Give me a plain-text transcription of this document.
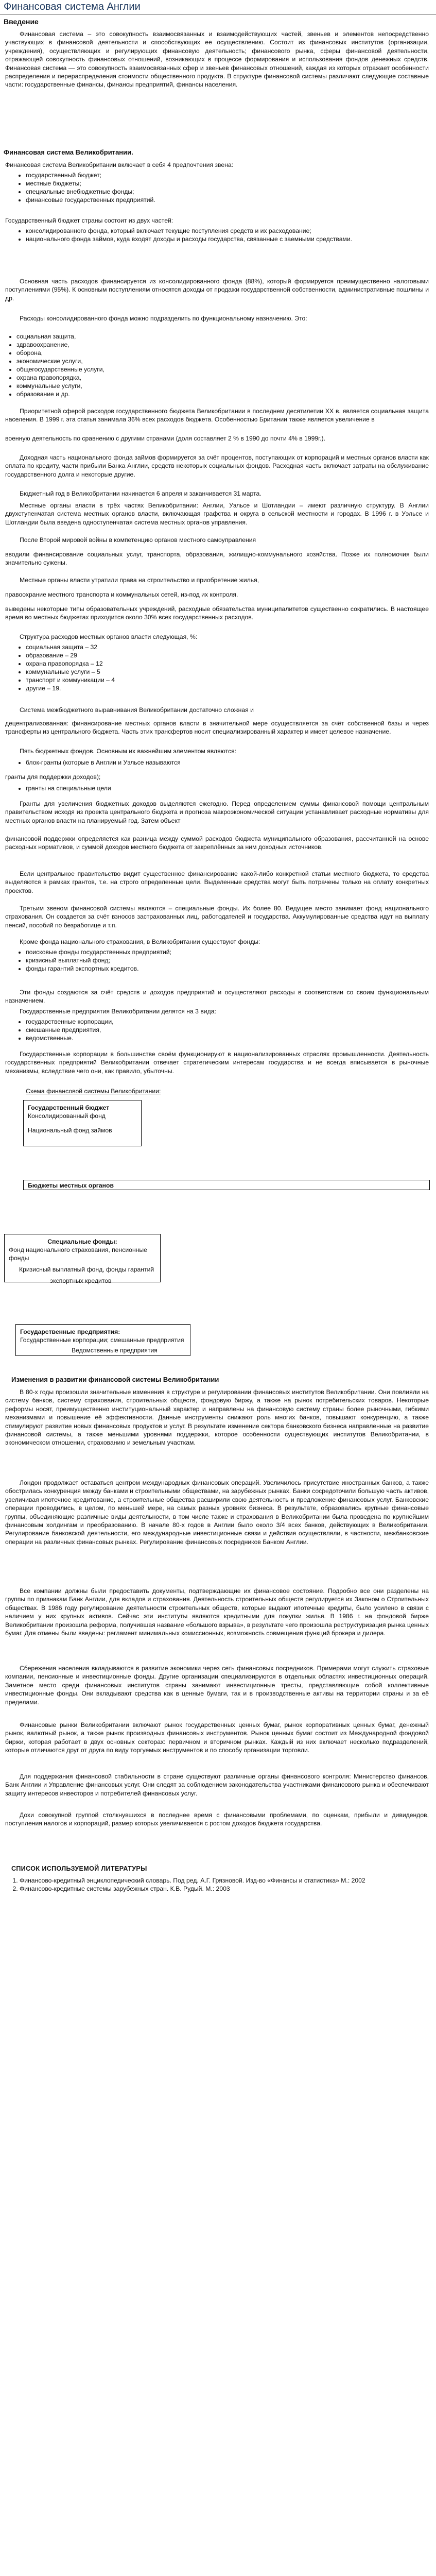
Финансовая система Англии
Введение

Финансовая система – это совокупность взаимосвязанных и взаимодействующих частей, звеньев и элементов непосредственно участвующих в финансовой деятельности и способствующих ее осуществлению. Состоит из финансовых институтов (организации, учреждения), осуществляющих и регулирующих финансовую деятельность; финансового рынка, сферы финансовой деятельности, отражающей совокупность финансовых отношений, возникающих в процессе формирования и использования фондов денежных средств. Финансовая система — это совокупность взаимосвязанных сфер и звеньев финансовых отношений, каждая из которых отражает особенности распределения и перераспределения стоимости общественного продукта. В структуре финансовой системы различают следующие составные части: государственные финансы, финансы предприятий, финансы населения.

Финансовая система Великобритании.

Финансовая система Великобритании включает в себя 4 предпочтения звена:

• государственный бюджет;
• местные бюджеты;
• специальные внебюджетные фонды;
• финансовые государственных предприятий.

Государственный бюджет страны состоит из двух частей:

• консолидированного фонда, который включает текущие поступления средств и их расходование;
• национального фонда займов, куда входят доходы и расходы государства, связанные с заемными средствами.

Основная часть расходов финансируется из консолидированного фонда (88%), который формируется преимущественно налоговыми поступлениями (95%). К основным поступлениям относятся доходы от продажи государственной собственности, административные пошлины и др.

Расходы консолидированного фонда можно подразделить по функциональному назначению. Это:

• социальная защита,
• здравоохранение,
• оборона,
• экономические услуги,
• общегосударственные услуги,
• охрана правопорядка,
• коммунальные услуги,
• образование и др.

Приоритетной сферой расходов государственного бюджета Великобритании в последнем десятилетии XX в. является социальная защита населения. В 1999 г. эта статья занимала 36% всех расходов бюджета. Особенностью Британии также является увеличение в

военную деятельность по сравнению с другими странами (доля составляет 2 % в 1990 до почти 4% в 1999г.).

Доходная часть национального фонда займов формируется за счёт процентов, поступающих от корпораций и местных органов власти как оплата по кредиту, части прибыли Банка Англии, средств некоторых социальных фондов. Расходная часть включает затраты на обслуживание государственного долга и некоторые другие.

Бюджетный год в Великобритании начинается 6 апреля и заканчивается 31 марта.

Местные органы власти в трёх частях Великобритании: Англии, Уэльсе и Шотландии – имеют различную структуру. В Англии двухступенчатая система местных органов власти, включающая графства и округа в сельской местности и городах. В 1996 г. в Уэльсе и Шотландии была введена одноступенчатая система местных органов управления.

После Второй мировой войны в компетенцию органов местного самоуправления

вводили финансирование социальных услуг, транспорта, образования, жилищно-коммунального хозяйства. Позже их полномочия были значительно сужены.

Местные органы власти утратили права на строительство и приобретение жилья,

правоохрание местного транспорта и коммунальных сетей, из-под их контроля.

выведены некоторые типы образовательных учреждений, расходные обязательства муниципалитетов существенно сократились. В настоящее время во местных бюджетах приходится около 30% всех государственных расходов.

Структура расходов местных органов власти следующая, %:

• социальная защита – 32
• образование – 29
• охрана правопорядка – 12
• коммунальные услуги – 5
• транспорт и коммуникации – 4
• другие – 19.

Система межбюджетного выравнивания Великобритании достаточно сложная и

децентрализованная: финансирование местных органов власти в значительной мере осуществляется за счёт собственной базы и через трансферты из центрального бюджета. Часть этих трансфертов носит специализированный характер и имеет целевое назначение.

Пять бюджетных фондов. Основным их важнейшим элементом являются:

• блок-гранты (которые в Англии и Уэльсе называются

гранты для поддержки доходов);

• гранты на специальные цели

Гранты для увеличения бюджетных доходов выделяются ежегодно. Перед определением суммы финансовой помощи центральным правительством исходя из проекта центрального бюджета и прогноза макроэкономической ситуации устанавливает расходные нормативы для местных органов власти на планируемый год. Затем объект

финансовой поддержки определяется как разница между суммой расходов бюджета муниципального образования, рассчитанной на основе расходных нормативов, и суммой доходов местного бюджета от закреплённых за ним доходных источников.

Если центральное правительство видит существенное финансирование какой-либо конкретной статьи местного бюджета, то средства выделяются в рамках грантов, т.е. на строго определенные цели. Выделенные средства могут быть потрачены только на оплату конкретных проектов.

Третьим звеном финансовой системы являются – специальные фонды. Их более 80. Ведущее место занимает фонд национального страхования. Он создается за счёт взносов застрахованных лиц, работодателей и государства. Аккумулированные средства идут на выплату пенсий, пособий по безработице и т.п.

Кроме фонда национального страхования, в Великобритании существуют фонды:

• поисковые фонды государственных предприятий;
• кризисный выплатный фонд;
• фонды гарантий экспортных кредитов.

Эти фонды создаются за счёт средств и доходов предприятий и осуществляют расходы в соответствии со своим функциональным назначением.

Государственные предприятия Великобритании делятся на 3 вида:

• государственные корпорации,
• смешанные предприятия,
• ведомственные.

Государственные корпорации в большинстве своём функционируют в национализированных отраслях промышленности. Деятельность государственных предприятий Великобритании отвечает стратегическим интересам государства и не всегда вписывается в рыночные механизмы, вследствие чего они, как правило, убыточны.

Схема финансовой системы Великобритании:

Государственный бюджет
Консолидированный фонд
Национальный фонд займов
Бюджеты местных органов
Специальные фонды:
Фонд национального страхования, пенсионные фонды
Кризисный выплатный фонд, фонды гарантий
экспортных кредитов
Государственные предприятия:
Государственные корпорации; смешанные предприятия
Ведомственные предприятия
Изменения в развитии финансовой системы Великобритании

В 80-х годы произошли значительные изменения в структуре и регулировании финансовых институтов Великобритании. Они повлияли на систему банков, систему страхования, строительных обществ, фондовую биржу, а также на рынок потребительских товаров. Некоторые реформы носят, преимущественно институциональный характер и направлены на финансовую систему страны более рыночными, гибкими механизмами и повышение её эффективности. Данные инструменты снижают роль многих банков, повышают конкуренцию, а также стимулируют развитие новых финансовых продуктов и услуг. В результате изменение сектора банковского бизнеса направленные на развитие финансовой системы, а также меньшими уровнями поддержки, которое особенности существующих институтов Великобритании, в экономическом отношении, страхованию и земельным участкам.

Лондон продолжает оставаться центром международных финансовых операций. Увеличилось присутствие иностранных банков, а также обострилась конкуренция между банками и строительными обществами, на зарубежных рынках. Банки сосредоточили большую часть активов, увеличивая ипотечное кредитование, а строительные общества расширили свою деятельность и предложение финансовых услуг. Банковские операции проводились, в целом, по меньшей мере, на самых разных уровнях бизнеса. В результате, образовались крупные финансовые группы, объединяющие различные виды деятельности, в том числе также и страхования в Великобритании была проведена по крупнейшим финансовым холдингам и преобразованию. В начале 80-х годов в Англии было около 3/4 всех банков, действующих в Великобритании. Регулирование банковской деятельности, его международные инвестиционные связи и действия осуществляли, в частности, межбанковские операции на различных финансовых рынках. Регулирование финансовых посредников Банком Англии.

Все компании должны были предоставить документы, подтверждающие их финансовое состояние. Подробно все они разделены на группы по признакам Банк Англии, для вкладов и страхования. Деятельность строительных обществ регулируется их Законом о Строительных обществах. В 1986 году регулирование деятельности строительных обществ, которые выдают ипотечные кредиты, было усилено в связи с наличием у них крупных активов. Сейчас эти институты являются кредитными для покупки жилья. В 1986 г. на фондовой бирже Великобритании произошла реформа, получившая название «большого взрыва», в результате чего произошла реструктуризация рынка ценных бумаг. Для отмены были введены: регламент минимальных комиссионных, возможность совмещения функций брокера и дилера.

Сбережения населения вкладываются в развитие экономики через сеть финансовых посредников. Примерами могут служить страховые компании, пенсионные и инвестиционные фонды. Другие организации специализируются в отдельных областях инвестиционных операций. Заметное место среди финансовых институтов страны занимают инвестиционные тресты, представляющие собой коллективные инвестиционные фонды. Они вкладывают средства как в ценные бумаги, так и в производственные активы на территории страны и за её пределами.

Финансовые рынки Великобритании включают рынок государственных ценных бумаг, рынок корпоративных ценных бумаг, денежный рынок, валютный рынок, а также рынок производных финансовых инструментов. Рынок ценных бумаг состоит из Международной фондовой биржи, которая работает в двух основных секторах: первичном и вторичном рынках. Каждый из них включает несколько подразделений, которые отличаются друг от друга по виду торгуемых инструментов и по способу организации торговли.

Для поддержания финансовой стабильности в стране существуют различные органы финансового контроля: Министерство финансов, Банк Англии и Управление финансовых услуг. Они следят за соблюдением законодательства участниками финансового рынка и обеспечивают защиту интересов инвесторов и потребителей финансовых услуг.

Дохи совокупной группой столкнувшихся в последнее время с финансовыми проблемами, по оценкам, прибыли и дивидендов, поступления налогов и корпораций, размер которых увеличивается с ростом доходов бюджета государства.

СПИСОК ИСПОЛЬЗУЕМОЙ ЛИТЕРАТУРЫ
1. Финансово-кредитный энциклопедический словарь. Под ред. А.Г. Грязновой. Изд-во «Финансы и статистика» М.: 2002
2. Финансово-кредитные системы зарубежных стран. К.В. Рудый. М.: 2003
